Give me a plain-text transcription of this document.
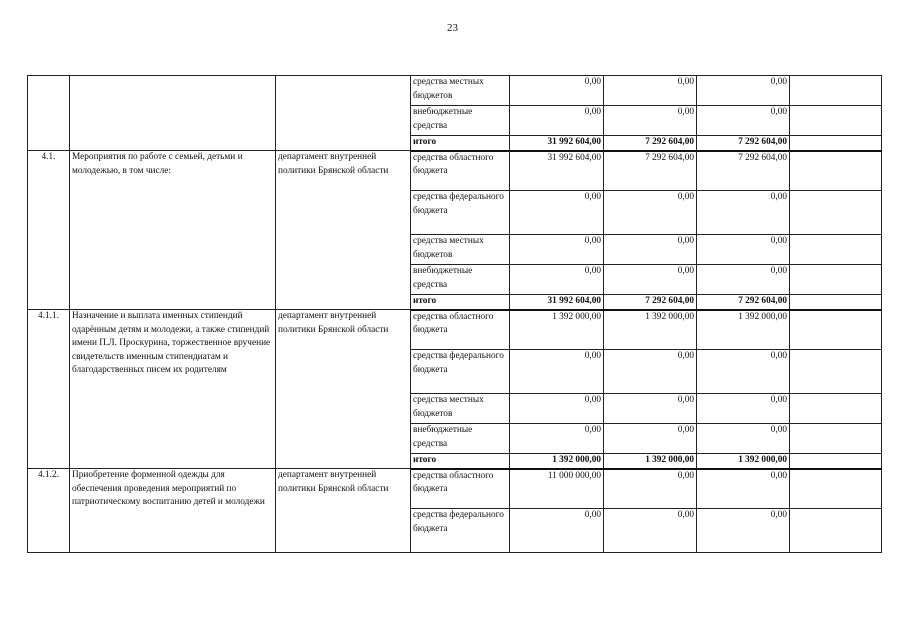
23
			средства местных бюджетов	0,00	0,00	0,00	
			внебюджетные средства	0,00	0,00	0,00	
			итого	31 992 604,00	7 292 604,00	7 292 604,00	
4.1.	Мероприятия по работе с семьей, детьми и молодежью, в том числе:	департамент внутренней политики Брянской области	средства областного бюджета	31 992 604,00	7 292 604,00	7 292 604,00	
			средства федерального бюджета	0,00	0,00	0,00	
			средства местных бюджетов	0,00	0,00	0,00	
			внебюджетные средства	0,00	0,00	0,00	
			итого	31 992 604,00	7 292 604,00	7 292 604,00	
4.1.1.	Назначение и выплата именных стипендий одарённым детям и молодежи, а также стипендий имени П.Л. Проскурина, торжественное вручение свидетельств именным стипендиатам и благодарственных писем их родителям	департамент внутренней политики Брянской области	средства областного бюджета	1 392 000,00	1 392 000,00	1 392 000,00	
			средства федерального бюджета	0,00	0,00	0,00	
			средства местных бюджетов	0,00	0,00	0,00	
			внебюджетные средства	0,00	0,00	0,00	
			итого	1 392 000,00	1 392 000,00	1 392 000,00	
4.1.2.	Приобретение форменной одежды для обеспечения проведения мероприятий по патриотическому воспитанию детей и молодежи	департамент внутренней политики Брянской области	средства областного бюджета	11 000 000,00	0,00	0,00	
			средства федерального бюджета	0,00	0,00	0,00	
